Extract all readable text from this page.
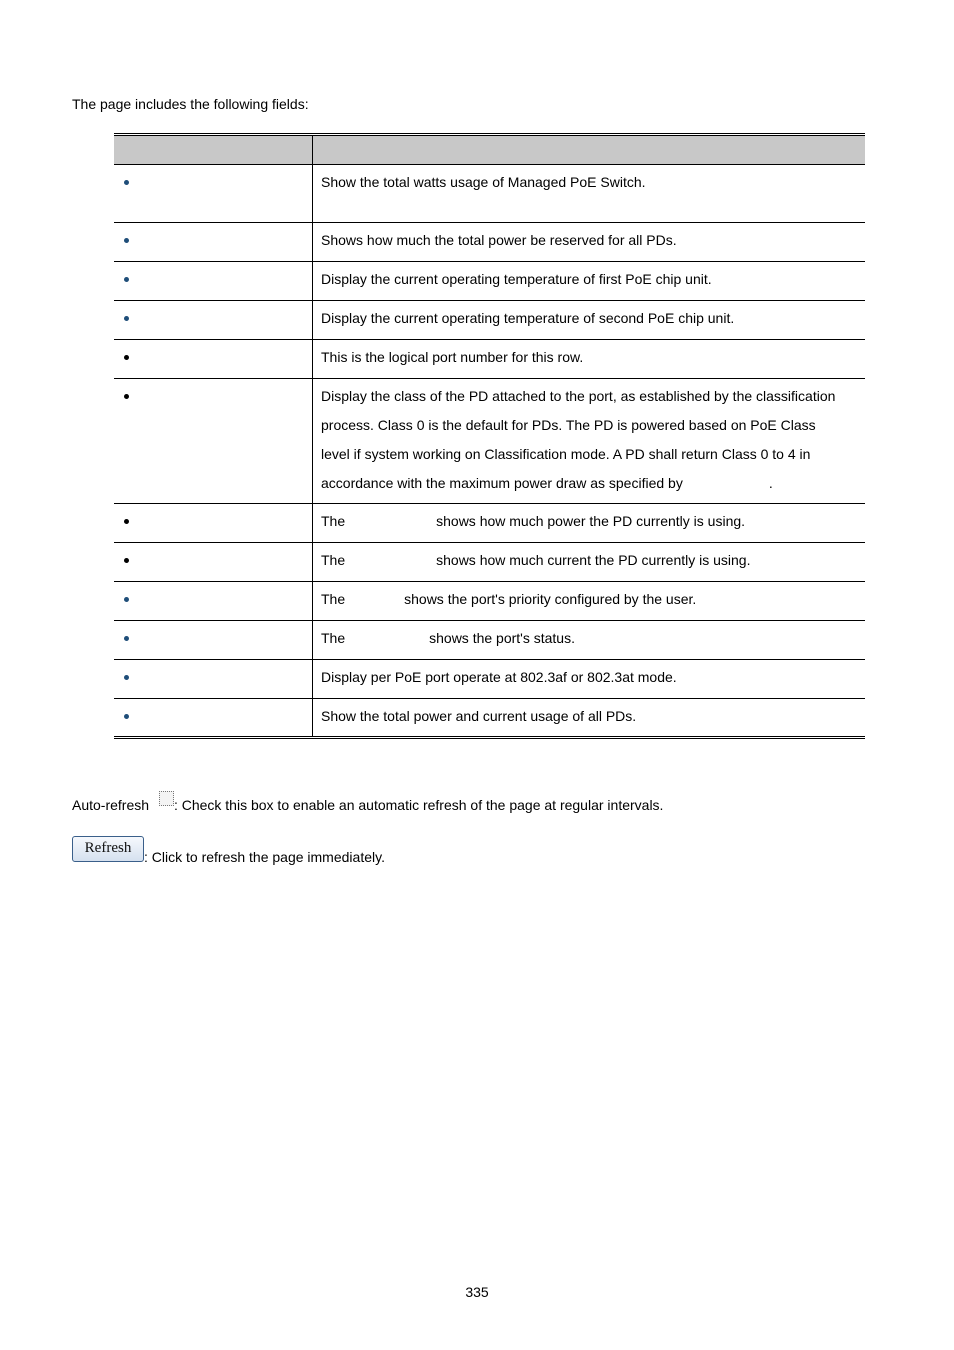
The page includes the following fields:

	Show the total watts usage of Managed PoE Switch.
	Shows how much the total power be reserved for all PDs.
	Display the current operating temperature of first PoE chip unit.
	Display the current operating temperature of second PoE chip unit.
	This is the logical port number for this row.

	Display the class of the PD attached to the port, as established by the classification
process. Class 0 is the default for PDs. The PD is powered based on PoE Class
level if system working on Classification mode. A PD shall return Class 0 to 4 in
accordance with the maximum power draw as specified by .

	The shows how much power the PD currently is using.
	The shows how much current the PD currently is using.
	The shows the port's priority configured by the user.
	The shows the port's status.
	Display per PoE port operate at 802.3af or 802.3at mode.
	Show the total power and current usage of all PDs.
Auto-refresh : Check this box to enable an automatic refresh of the page at regular intervals.
Refresh: Click to refresh the page immediately.
335
